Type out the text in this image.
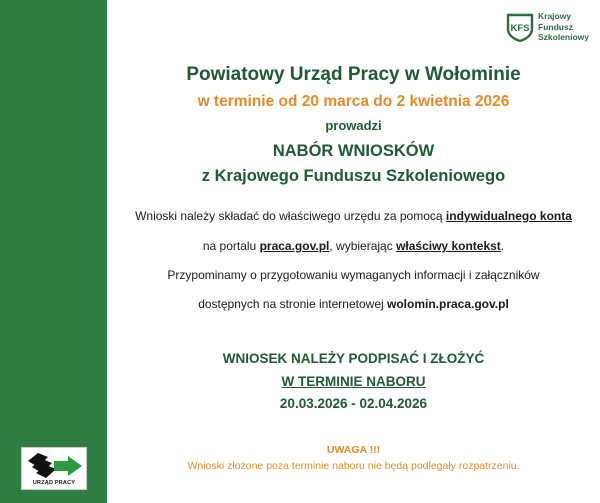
URZĄD PRACY
KFS
Krajowy
Fundusz
Szkoleniowy
Powiatowy Urząd Pracy w Wołominie
w terminie od 20 marca do 2 kwietnia 2026
prowadzi
NABÓR WNIOSKÓW
z Krajowego Funduszu Szkoleniowego
Wnioski należy składać do właściwego urzędu za pomocą indywidualnego konta
na portalu praca.gov.pl, wybierając właściwy kontekst.
Przypominamy o przygotowaniu wymaganych informacji i załączników
dostępnych na stronie internetowej wolomin.praca.gov.pl
WNIOSEK NALEŻY PODPISAĆ I ZŁOŻYĆ
W TERMINIE NABORU
20.03.2026 - 02.04.2026
UWAGA !!!
Wnioski złożone poza terminie naboru nie będą podlegały rozpatrzeniu.
